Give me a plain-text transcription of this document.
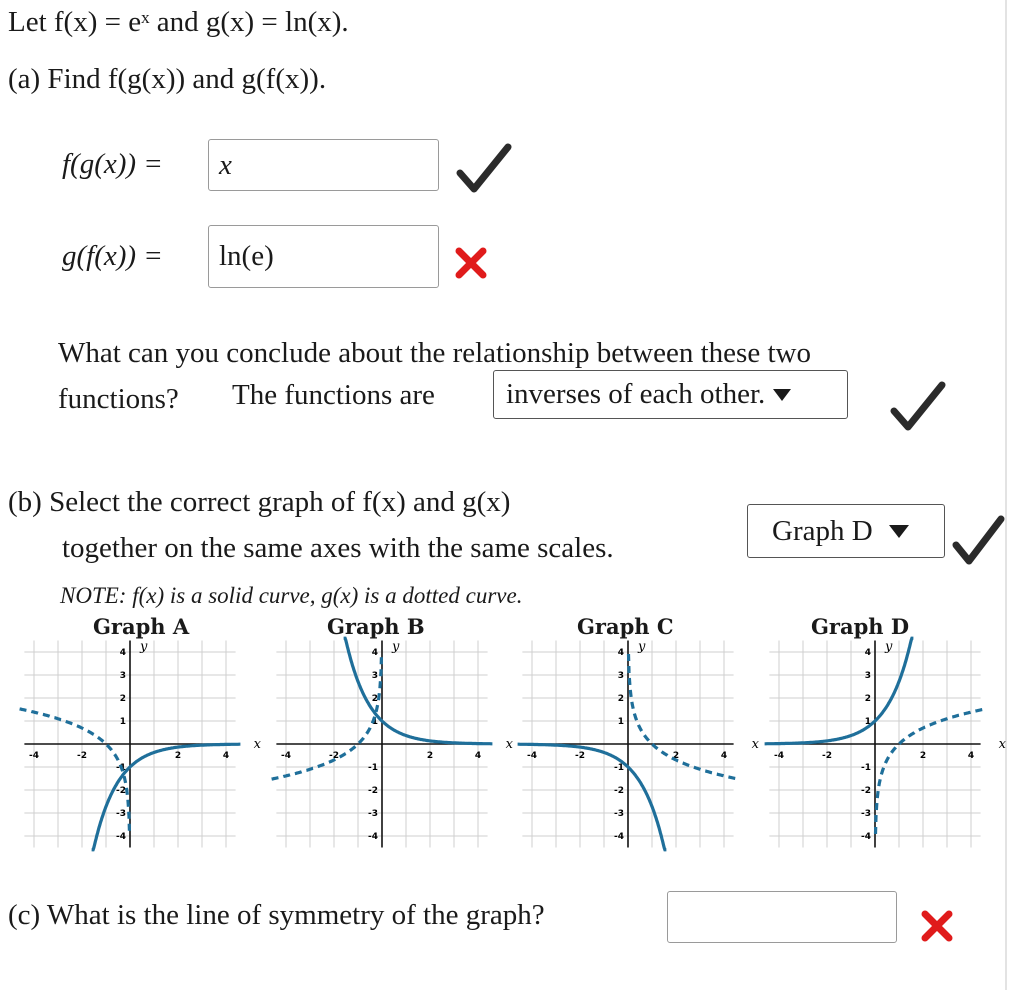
Let f(x) = eˣ and g(x) = ln(x).
(a) Find f(g(x)) and g(f(x)).
f(g(x)) =	x
g(f(x)) =	ln(e)
What can you conclude about the relationship between these two
functions? The functions are inverses of each other.
(b) Select the correct graph of f(x) and g(x)
together on the same axes with the same scales.
Graph D
NOTE: f(x) is a solid curve, g(x) is a dotted curve.
Graph A	Graph B	Graph C	Graph D
-4	-2	2	4
4
3
2
1
-1
-2
-3
-4
x
y
-4	-2	2	4
4
3
2
1
-1
-2
-3
-4
x
y
-4	-2	2	4
4
3
2
1
-1
-2
-3
-4
x
y
-4	-2	2	4
4
3
2
1
-1
-2
-3
-4
x
y
(c) What is the line of symmetry of the graph?
